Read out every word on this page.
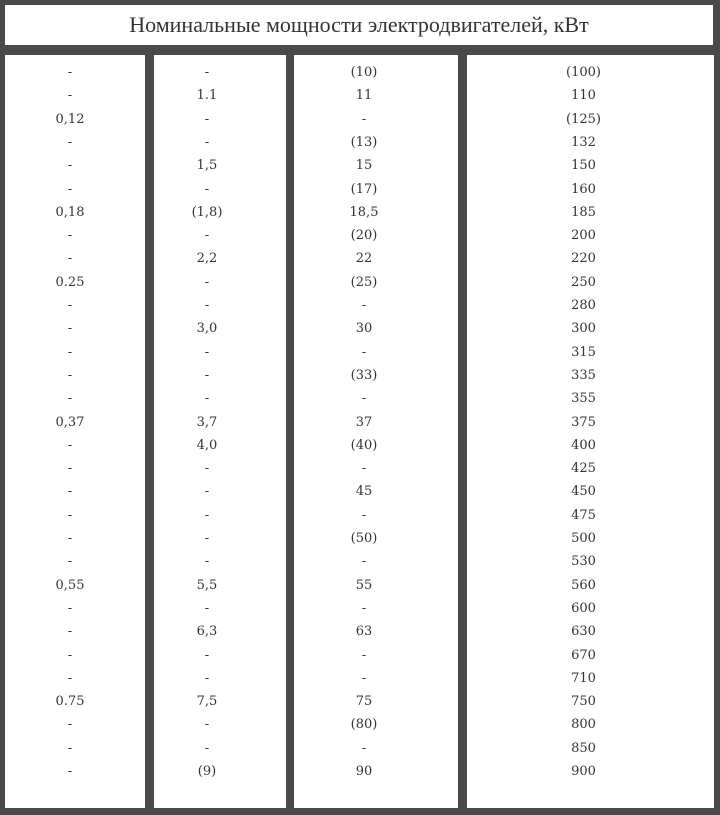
Номинальные мощности электродвигателей, кВт
-
-
0,12
-
-
-
0,18
-
-
0.25
-
-
-
-
-
0,37
-
-
-
-
-
-
0,55
-
-
-
-
0.75
-
-
-
-
1.1
-
-
1,5
-
(1,8)
-
2,2
-
-
3,0
-
-
-
3,7
4,0
-
-
-
-
-
5,5
-
6,3
-
-
7,5
-
-
(9)
(10)
11
-
(13)
15
(17)
18,5
(20)
22
(25)
-
30
-
(33)
-
37
(40)
-
45
-
(50)
-
55
-
63
-
-
75
(80)
-
90
(100)
110
(125)
132
150
160
185
200
220
250
280
300
315
335
355
375
400
425
450
475
500
530
560
600
630
670
710
750
800
850
900
